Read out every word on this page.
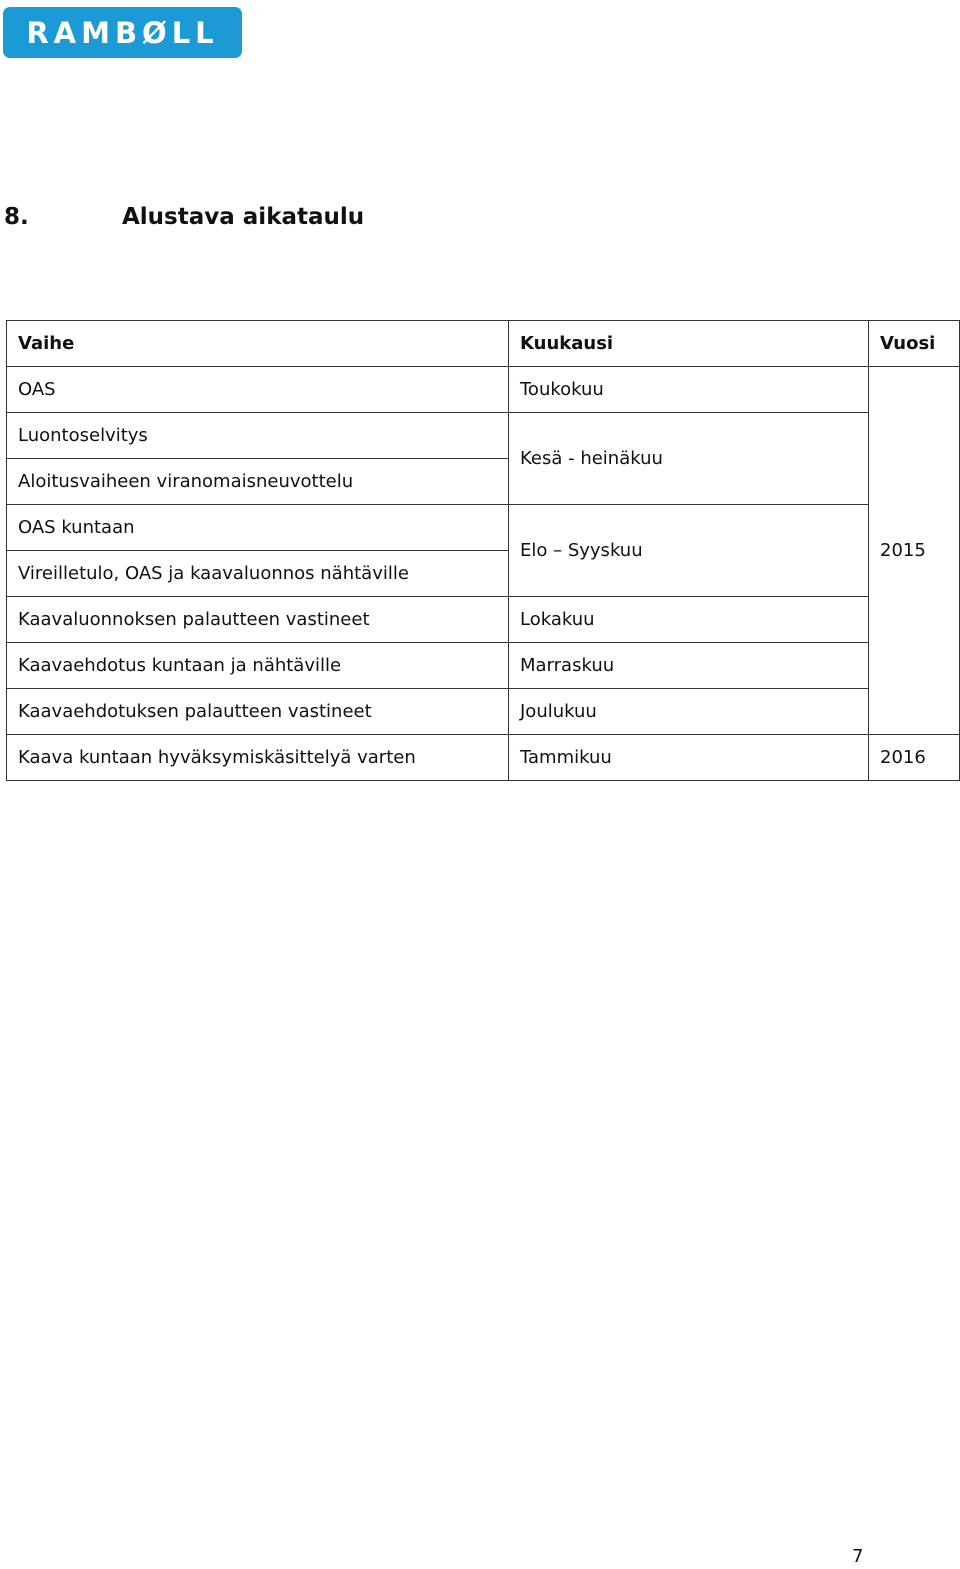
RAMBØLL
8.	Alustava aikataulu
Vaihe	Kuukausi	Vuosi
OAS	Toukokuu	2015
Luontoselvitys	Kesä - heinäkuu	
Aloitusvaiheen viranomaisneuvottelu		
OAS kuntaan	Elo – Syyskuu	
Vireilletulo, OAS ja kaavaluonnos nähtäville		
Kaavaluonnoksen palautteen vastineet	Lokakuu	
Kaavaehdotus kuntaan ja nähtäville	Marraskuu	
Kaavaehdotuksen palautteen vastineet	Joulukuu	
Kaava kuntaan hyväksymiskäsittelyä varten	Tammikuu	2016
7
